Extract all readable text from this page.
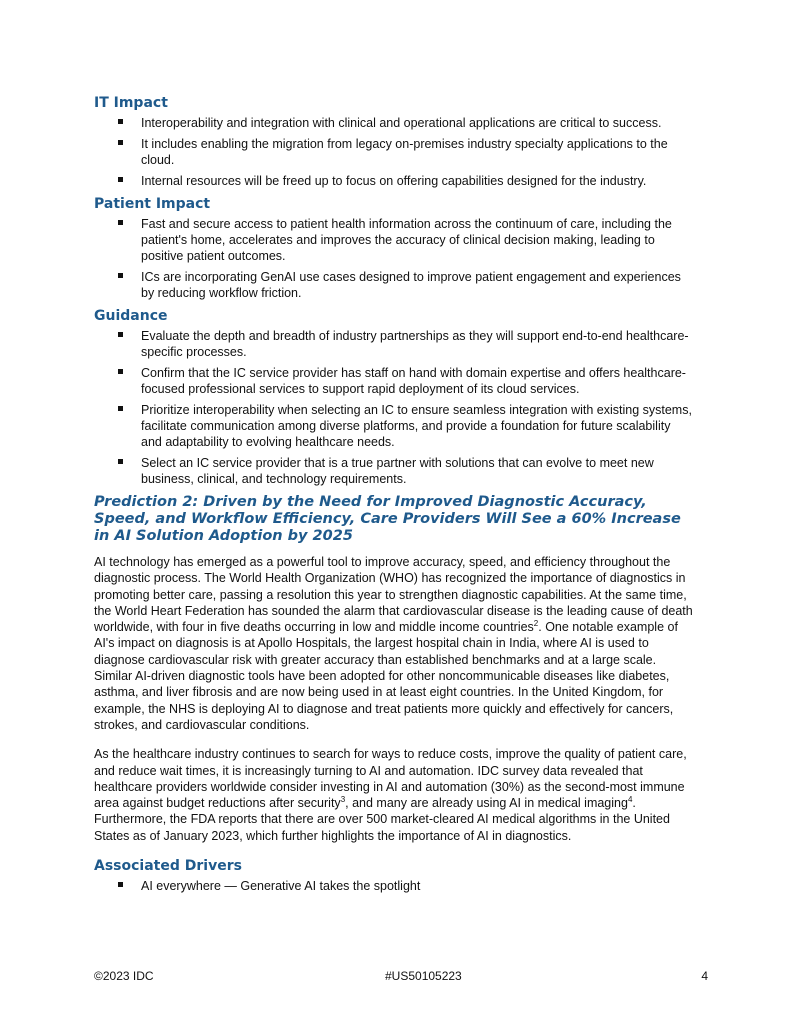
IT Impact
Interoperability and integration with clinical and operational applications are critical to success.
It includes enabling the migration from legacy on-premises industry specialty applications to the cloud.
Internal resources will be freed up to focus on offering capabilities designed for the industry.
Patient Impact
Fast and secure access to patient health information across the continuum of care, including the patient's home, accelerates and improves the accuracy of clinical decision making, leading to positive patient outcomes.
ICs are incorporating GenAI use cases designed to improve patient engagement and experiences by reducing workflow friction.
Guidance
Evaluate the depth and breadth of industry partnerships as they will support end-to-end healthcare-specific processes.
Confirm that the IC service provider has staff on hand with domain expertise and offers healthcare-focused professional services to support rapid deployment of its cloud services.
Prioritize interoperability when selecting an IC to ensure seamless integration with existing systems, facilitate communication among diverse platforms, and provide a foundation for future scalability and adaptability to evolving healthcare needs.
Select an IC service provider that is a true partner with solutions that can evolve to meet new business, clinical, and technology requirements.
Prediction 2: Driven by the Need for Improved Diagnostic Accuracy, Speed, and Workflow Efficiency, Care Providers Will See a 60% Increase in AI Solution Adoption by 2025

AI technology has emerged as a powerful tool to improve accuracy, speed, and efficiency throughout the diagnostic process. The World Health Organization (WHO) has recognized the importance of diagnostics in promoting better care, passing a resolution this year to strengthen diagnostic capabilities. At the same time, the World Heart Federation has sounded the alarm that cardiovascular disease is the leading cause of death worldwide, with four in five deaths occurring in low and middle income countries$^2$. One notable example of AI's impact on diagnosis is at Apollo Hospitals, the largest hospital chain in India, where AI is used to diagnose cardiovascular risk with greater accuracy than established benchmarks and at a large scale. Similar AI-driven diagnostic tools have been adopted for other noncommunicable diseases like diabetes, asthma, and liver fibrosis and are now being used in at least eight countries. In the United Kingdom, for example, the NHS is deploying AI to diagnose and treat patients more quickly and effectively for cancers, strokes, and cardiovascular conditions.

As the healthcare industry continues to search for ways to reduce costs, improve the quality of patient care, and reduce wait times, it is increasingly turning to AI and automation. IDC survey data revealed that healthcare providers worldwide consider investing in AI and automation (30%) as the second-most immune area against budget reductions after security$^3$, and many are already using AI in medical imaging$^4$. Furthermore, the FDA reports that there are over 500 market-cleared AI medical algorithms in the United States as of January 2023, which further highlights the importance of AI in diagnostics.

Associated Drivers
AI everywhere — Generative AI takes the spotlight
©2023 IDC	#US50105223	4
